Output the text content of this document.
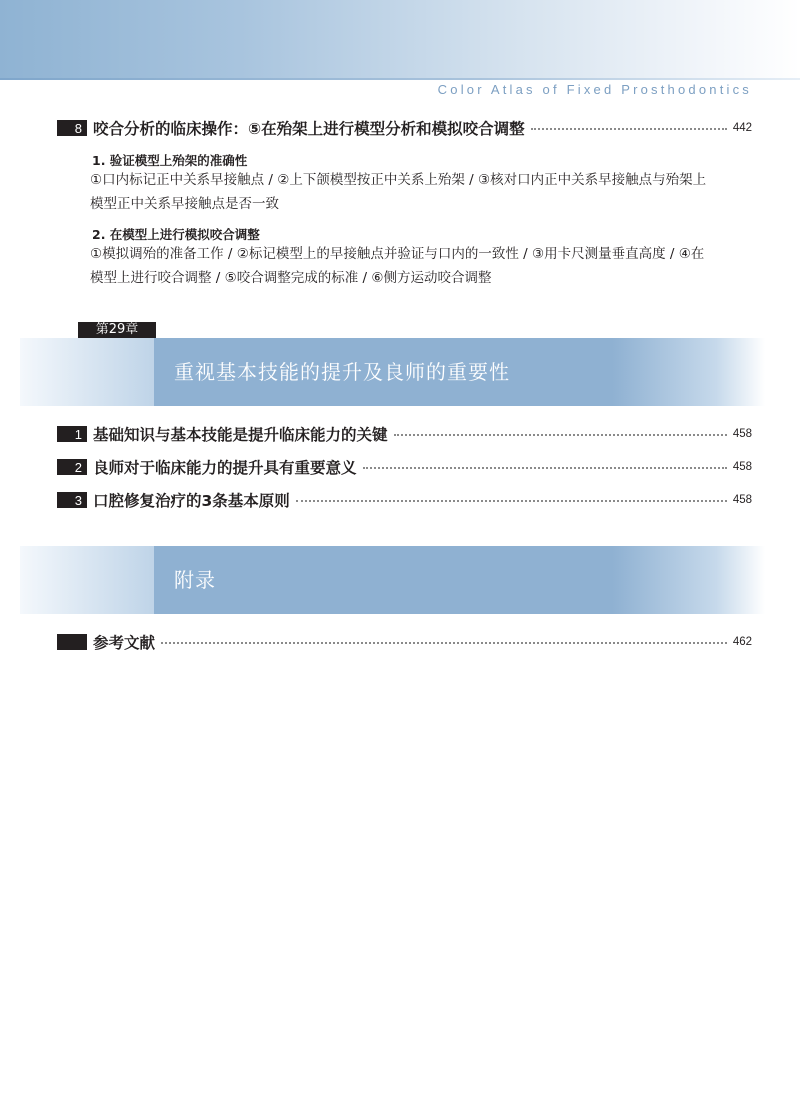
Color Atlas of Fixed Prosthodontics
8 咬合分析的临床操作：⑤在殆架上进行模型分析和模拟咬合调整	442
1. 验证模型上殆架的准确性
①口内标记正中关系早接触点 / ②上下颌模型按正中关系上殆架 / ③核对口内正中关系早接触点与殆架上
模型正中关系早接触点是否一致
2. 在模型上进行模拟咬合调整
①模拟调殆的准备工作 / ②标记模型上的早接触点并验证与口内的一致性 / ③用卡尺测量垂直高度 / ④在
模型上进行咬合调整 / ⑤咬合调整完成的标准 / ⑥侧方运动咬合调整
第29章
重视基本技能的提升及良师的重要性
1 基础知识与基本技能是提升临床能力的关键	458
2 良师对于临床能力的提升具有重要意义	458
3 口腔修复治疗的3条基本原则	458
附录
参考文献	462
